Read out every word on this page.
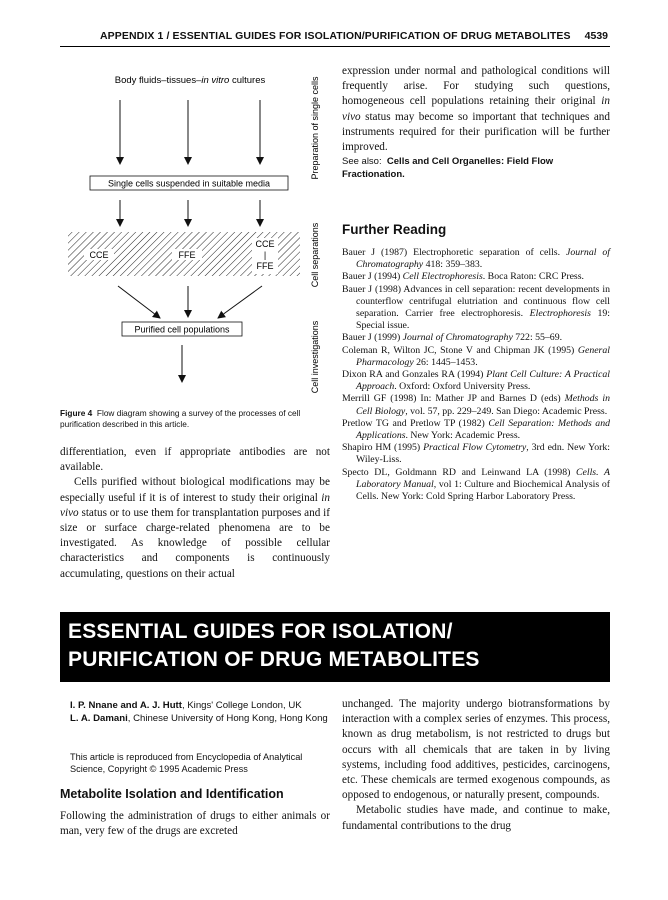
APPENDIX 1 / ESSENTIAL GUIDES FOR ISOLATION/PURIFICATION OF DRUG METABOLITES 4539
Body fluids–tissues–in vitro cultures
Single cells suspended in suitable media
CCE	FFE
CCE
|
FFE
Purified cell populations
Preparation of single cells
Cell separations
Cell investigations
Figure 4 Flow diagram showing a survey of the processes of cell purification described in this article.

differentiation, even if appropriate antibodies are not available.

Cells purified without biological modifications may be especially useful if it is of interest to study their original in vivo status or to use them for transplantation purposes and if size or surface charge-related phenomena are to be investigated. As knowledge of possible cellular characteristics and components is continuously accumulating, questions on their actual

expression under normal and pathological conditions will frequently arise. For studying such questions, homogeneous cell populations retaining their original in vivo status may become so important that techniques and instruments required for their purification will be further improved.

See also: Cells and Cell Organelles: Field Flow Fractionation.

Further Reading
Bauer J (1987) Electrophoretic separation of cells. Journal of Chromatography 418: 359–383.
Bauer J (1994) Cell Electrophoresis. Boca Raton: CRC Press.
Bauer J (1998) Advances in cell separation: recent developments in counterflow centrifugal elutriation and continuous flow cell separation. Carrier free electrophoresis. Electrophoresis 19: Special issue.
Bauer J (1999) Journal of Chromatography 722: 55–69.
Coleman R, Wilton JC, Stone V and Chipman JK (1995) General Pharmacology 26: 1445–1453.
Dixon RA and Gonzales RA (1994) Plant Cell Culture: A Practical Approach. Oxford: Oxford University Press.
Merrill GF (1998) In: Mather JP and Barnes D (eds) Methods in Cell Biology, vol. 57, pp. 229–249. San Diego: Academic Press.
Pretlow TG and Pretlow TP (1982) Cell Separation: Methods and Applications. New York: Academic Press.
Shapiro HM (1995) Practical Flow Cytometry, 3rd edn. New York: Wiley-Liss.
Specto DL, Goldmann RD and Leinwand LA (1998) Cells. A Laboratory Manual, vol 1: Culture and Biochemical Analysis of Cells. New York: Cold Spring Harbor Laboratory Press.
ESSENTIAL GUIDES FOR ISOLATION/
PURIFICATION OF DRUG METABOLITES
I. P. Nnane and A. J. Hutt, Kings' College London, UK
L. A. Damani, Chinese University of Hong Kong, Hong Kong
This article is reproduced from Encyclopedia of Analytical Science, Copyright © 1995 Academic Press
Metabolite Isolation and Identification

Following the administration of drugs to either animals or man, very few of the drugs are excreted

unchanged. The majority undergo biotransformations by interaction with a complex series of enzymes. This process, known as drug metabolism, is not restricted to drugs but occurs with all chemicals that are taken in by living systems, including food additives, pesticides, carcinogens, etc. These chemicals are termed exogenous compounds, as opposed to endogenous, or naturally present, compounds.

Metabolic studies have made, and continue to make, fundamental contributions to the drug
